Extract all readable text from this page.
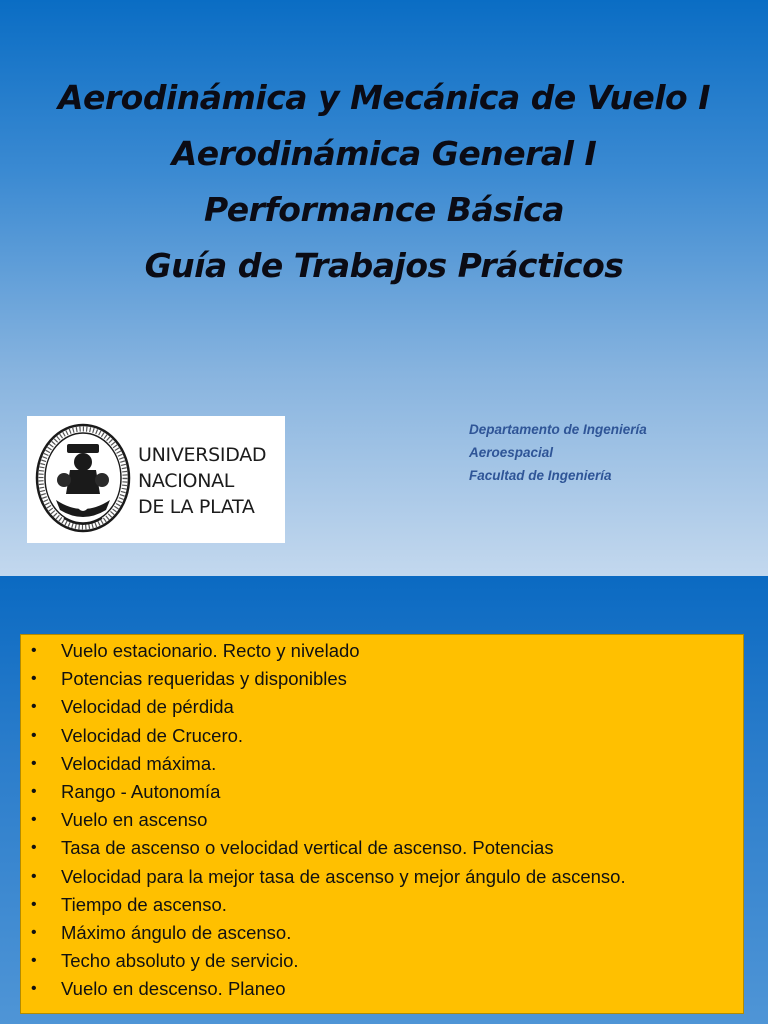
Aerodinámica y Mecánica de Vuelo I
Aerodinámica General I
Performance Básica
Guía de Trabajos Prácticos
UNIVERSIDAD
NACIONAL
DE LA PLATA
Departamento de Ingeniería
Aeroespacial
Facultad de Ingeniería
• Vuelo estacionario. Recto y nivelado
• Potencias requeridas y disponibles
• Velocidad de pérdida
• Velocidad de Crucero.
• Velocidad máxima.
• Rango - Autonomía
• Vuelo en ascenso
• Tasa de ascenso o velocidad vertical de ascenso. Potencias
• Velocidad para la mejor tasa de ascenso y mejor ángulo de ascenso.
• Tiempo de ascenso.
• Máximo ángulo de ascenso.
• Techo absoluto y de servicio.
• Vuelo en descenso. Planeo
